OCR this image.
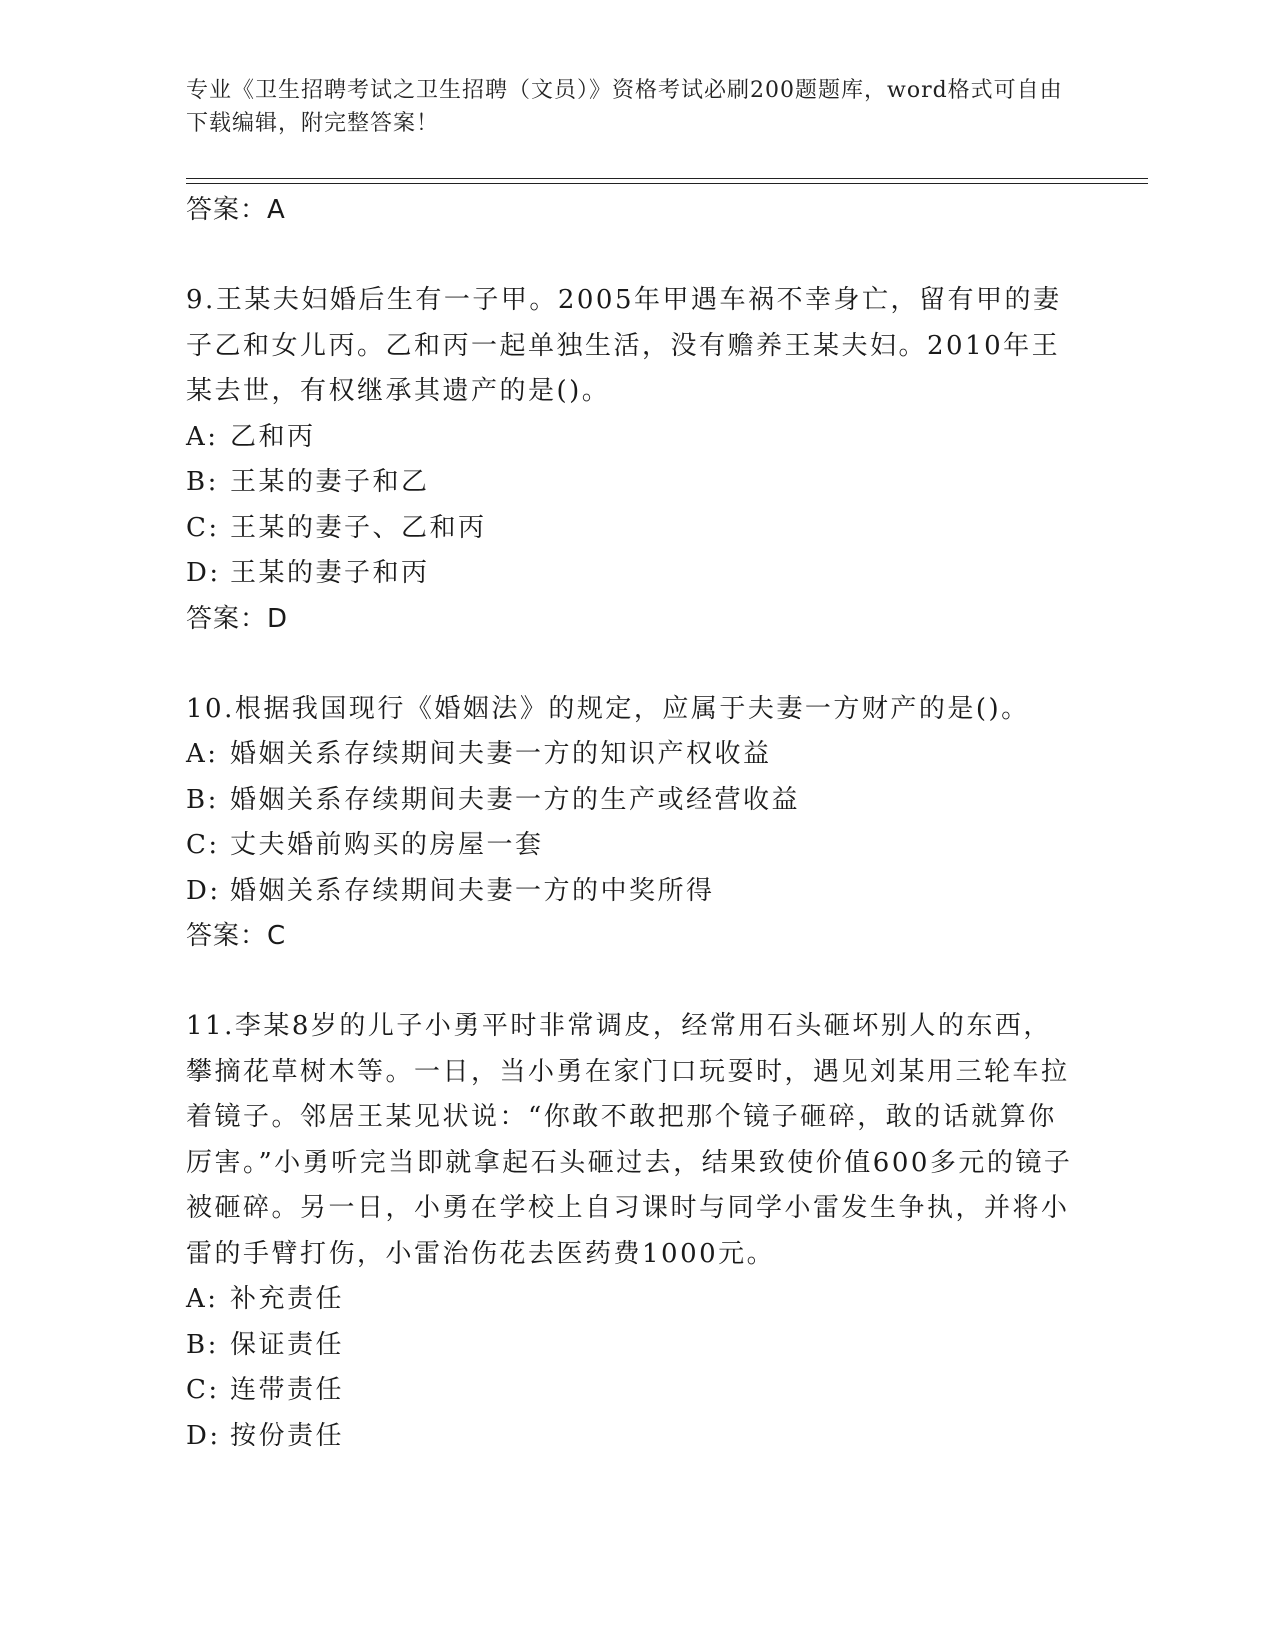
专业《卫生招聘考试之卫生招聘（文员）》资格考试必刷200题题库，word格式可自由下载编辑，附完整答案！

答案：A

9.王某夫妇婚后生有一子甲。2005年甲遇车祸不幸身亡，留有甲的妻子乙和女儿丙。乙和丙一起单独生活，没有赡养王某夫妇。2010年王某去世，有权继承其遗产的是()。

A: 乙和丙
B: 王某的妻子和乙
C: 王某的妻子、乙和丙
D: 王某的妻子和丙

答案：D

10.根据我国现行《婚姻法》的规定，应属于夫妻一方财产的是()。

A: 婚姻关系存续期间夫妻一方的知识产权收益
B: 婚姻关系存续期间夫妻一方的生产或经营收益
C: 丈夫婚前购买的房屋一套
D: 婚姻关系存续期间夫妻一方的中奖所得

答案：C

11.李某8岁的儿子小勇平时非常调皮，经常用石头砸坏别人的东西，攀摘花草树木等。一日，当小勇在家门口玩耍时，遇见刘某用三轮车拉着镜子。邻居王某见状说：“你敢不敢把那个镜子砸碎，敢的话就算你厉害。”小勇听完当即就拿起石头砸过去，结果致使价值600多元的镜子被砸碎。另一日，小勇在学校上自习课时与同学小雷发生争执，并将小雷的手臂打伤，小雷治伤花去医药费1000元。

A: 补充责任
B: 保证责任
C: 连带责任
D: 按份责任
